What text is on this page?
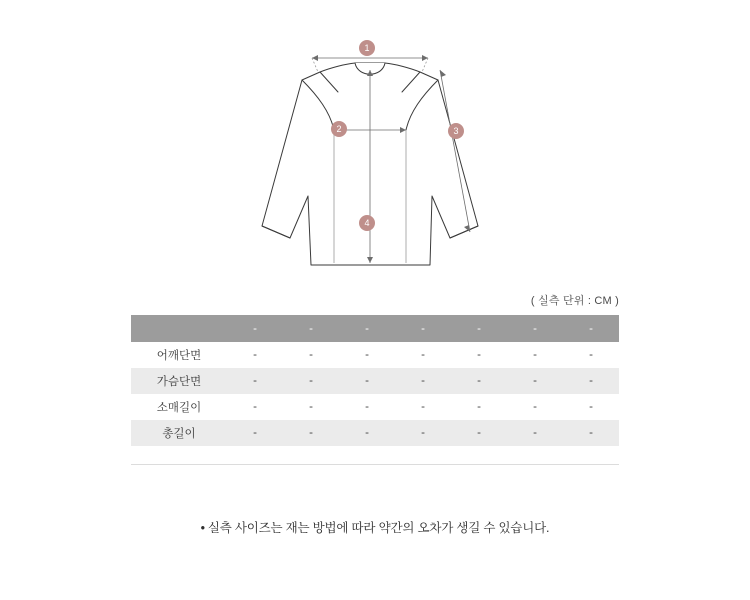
1
2	3
4
( 실측 단위 : CM )
	-	-	-	-	-	-	-
어깨단면	-	-	-	-	-	-	-
가슴단면	-	-	-	-	-	-	-
소매길이	-	-	-	-	-	-	-
총길이	-	-	-	-	-	-	-
• 실측 사이즈는 재는 방법에 따라 약간의 오차가 생길 수 있습니다.
